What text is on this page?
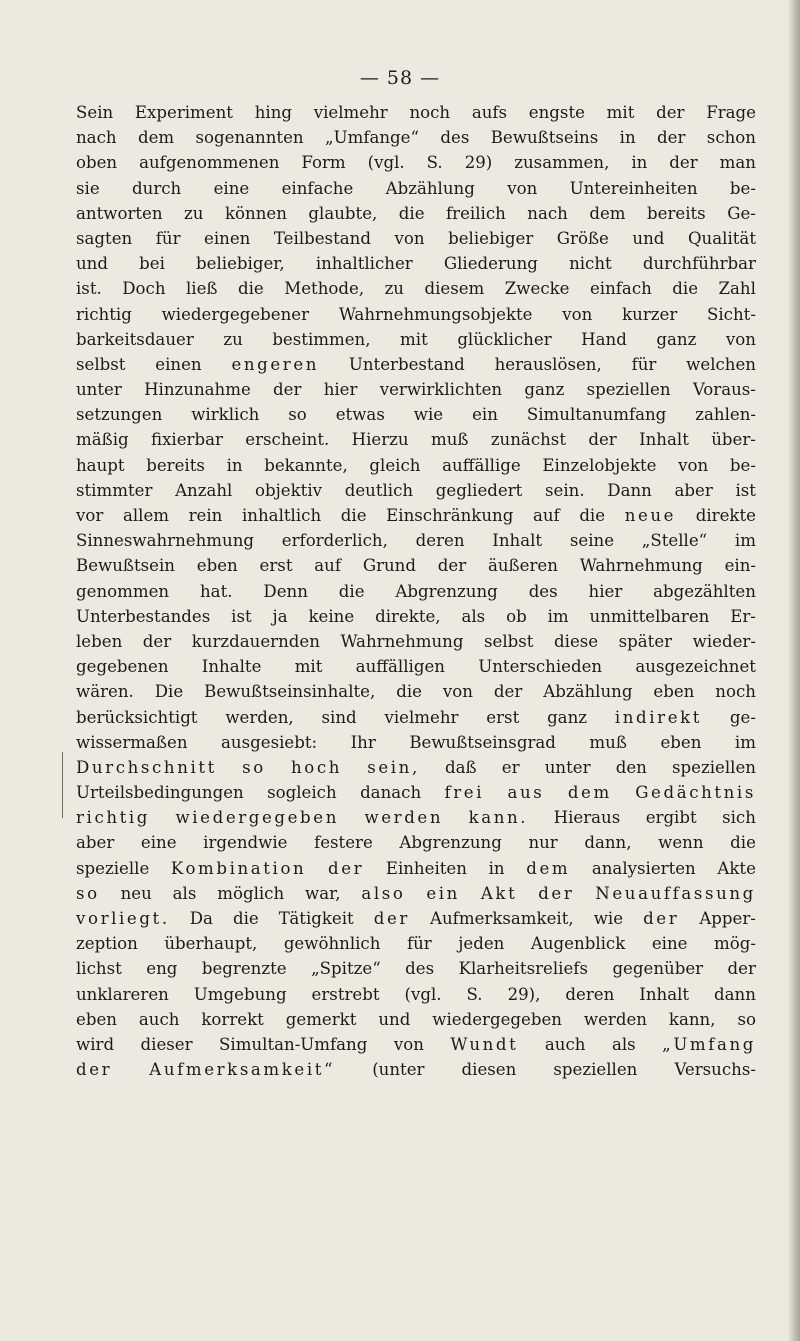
— 58 —
Sein Experiment hing vielmehr noch aufs engste mit der Frage
nach dem sogenannten „Umfange“ des Bewußtseins in der schon
oben aufgenommenen Form (vgl. S. 29) zusammen, in der man
sie durch eine einfache Abzählung von Untereinheiten be-
antworten zu können glaubte, die freilich nach dem bereits Ge-
sagten für einen Teilbestand von beliebiger Größe und Qualität
und bei beliebiger, inhaltlicher Gliederung nicht durchführbar
ist. Doch ließ die Methode, zu diesem Zwecke einfach die Zahl
richtig wiedergegebener Wahrnehmungsobjekte von kurzer Sicht-
barkeitsdauer zu bestimmen, mit glücklicher Hand ganz von
selbst einen engeren Unterbestand herauslösen, für welchen
unter Hinzunahme der hier verwirklichten ganz speziellen Voraus-
setzungen wirklich so etwas wie ein Simultanumfang zahlen-
mäßig fixierbar erscheint. Hierzu muß zunächst der Inhalt über-
haupt bereits in bekannte, gleich auffällige Einzelobjekte von be-
stimmter Anzahl objektiv deutlich gegliedert sein. Dann aber ist
vor allem rein inhaltlich die Einschränkung auf die neue direkte
Sinneswahrnehmung erforderlich, deren Inhalt seine „Stelle“ im
Bewußtsein eben erst auf Grund der äußeren Wahrnehmung ein-
genommen hat. Denn die Abgrenzung des hier abgezählten
Unterbestandes ist ja keine direkte, als ob im unmittelbaren Er-
leben der kurzdauernden Wahrnehmung selbst diese später wieder-
gegebenen Inhalte mit auffälligen Unterschieden ausgezeichnet
wären. Die Bewußtseinsinhalte, die von der Abzählung eben noch
berücksichtigt werden, sind vielmehr erst ganz indirekt ge-
wissermaßen ausgesiebt: Ihr Bewußtseinsgrad muß eben im
Durchschnitt so hoch sein, daß er unter den speziellen
Urteilsbedingungen sogleich danach frei aus dem Gedächtnis
richtig wiedergegeben werden kann. Hieraus ergibt sich
aber eine irgendwie festere Abgrenzung nur dann, wenn die
spezielle Kombination der Einheiten in dem analysierten Akte
so neu als möglich war, also ein Akt der Neuauffassung
vorliegt. Da die Tätigkeit der Aufmerksamkeit, wie der Apper-
zeption überhaupt, gewöhnlich für jeden Augenblick eine mög-
lichst eng begrenzte „Spitze“ des Klarheitsreliefs gegenüber der
unklareren Umgebung erstrebt (vgl. S. 29), deren Inhalt dann
eben auch korrekt gemerkt und wiedergegeben werden kann, so
wird dieser Simultan-Umfang von Wundt auch als „Umfang
der Aufmerksamkeit“ (unter diesen speziellen Versuchs-
